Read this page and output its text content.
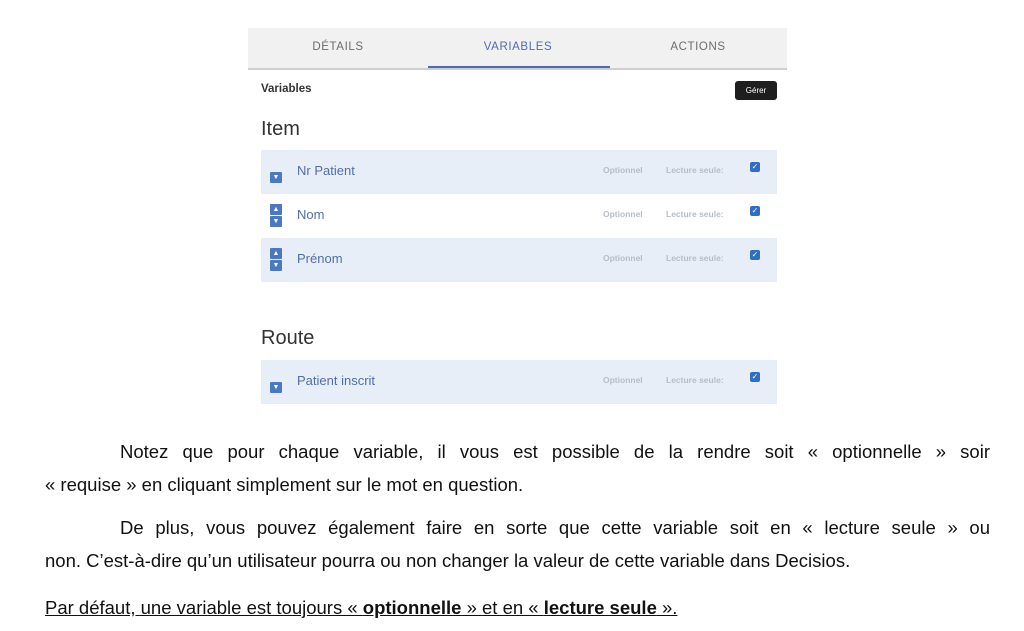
DÉTAILS	VARIABLES	ACTIONS
Variables	Gérer
Item
▼ Nr Patient	Optionnel	Lecture seule:	✓
▲
▼ Nom	Optionnel	Lecture seule:	✓
▲
▼ Prénom	Optionnel	Lecture seule:	✓
Route
▼ Patient inscrit	Optionnel	Lecture seule:	✓
Notez que pour chaque variable, il vous est possible de la rendre soit « optionnelle » soir
« requise » en cliquant simplement sur le mot en question.
De plus, vous pouvez également faire en sorte que cette variable soit en « lecture seule » ou
non. C’est-à-dire qu’un utilisateur pourra ou non changer la valeur de cette variable dans Decisios.
Par défaut, une variable est toujours « optionnelle » et en « lecture seule ».
